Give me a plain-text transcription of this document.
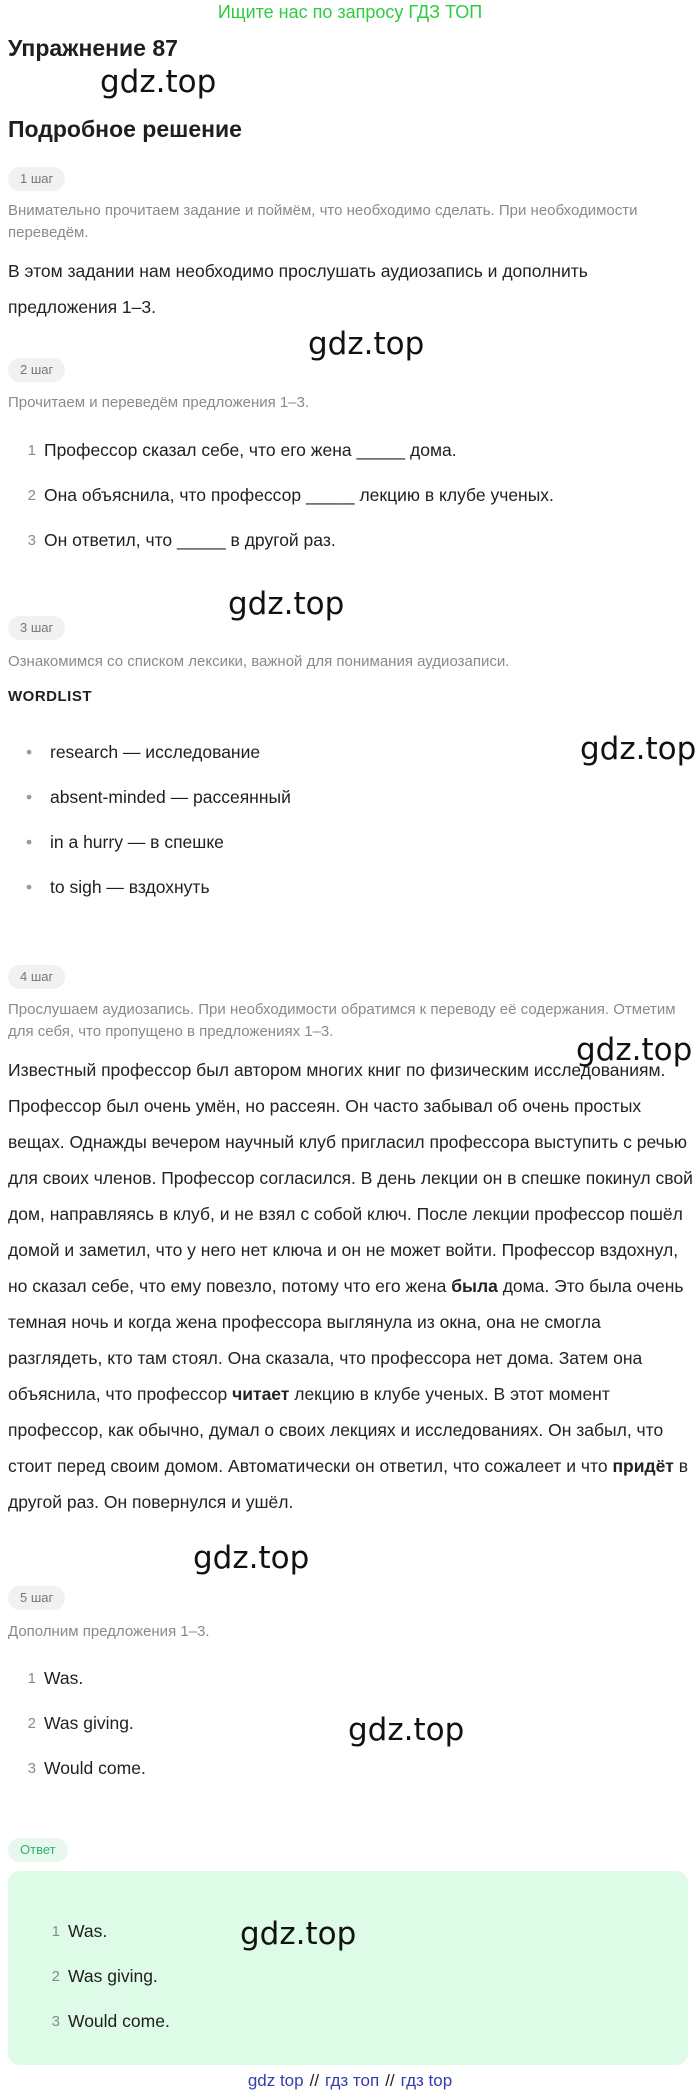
Ищите нас по запросу ГДЗ ТОП
Упражнение 87
gdz.top
Подробное решение
1 шаг
Внимательно прочитаем задание и поймём, что необходимо сделать. При необходимости переведём.
В этом задании нам необходимо прослушать аудиозапись и дополнить предложения 1–3.
gdz.top
2 шаг
Прочитаем и переведём предложения 1–3.
1 Профессор сказал себе, что его жена _____ дома.
2 Она объяснила, что профессор _____ лекцию в клубе ученых.
3 Он ответил, что _____ в другой раз.
gdz.top
3 шаг
Ознакомимся со списком лексики, важной для понимания аудиозаписи.
WORDLIST
•	research — исследование
•	absent-minded — рассеянный
•	in a hurry — в спешке
•	to sigh — вздохнуть
gdz.top
4 шаг
Прослушаем аудиозапись. При необходимости обратимся к переводу её содержания. Отметим для себя, что пропущено в предложениях 1–3.
gdz.top
Известный профессор был автором многих книг по физическим исследованиям. Профессор был очень умён, но рассеян. Он часто забывал об очень простых вещах. Однажды вечером научный клуб пригласил профессора выступить с речью для своих членов. Профессор согласился. В день лекции он в спешке покинул свой дом, направляясь в клуб, и не взял с собой ключ. После лекции профессор пошёл домой и заметил, что у него нет ключа и он не может войти. Профессор вздохнул, но сказал себе, что ему повезло, потому что его жена была дома. Это была очень темная ночь и когда жена профессора выглянула из окна, она не смогла разглядеть, кто там стоял. Она сказала, что профессора нет дома. Затем она объяснила, что профессор читает лекцию в клубе ученых. В этот момент профессор, как обычно, думал о своих лекциях и исследованиях. Он забыл, что стоит перед своим домом. Автоматически он ответил, что сожалеет и что придёт в другой раз. Он повернулся и ушёл.
gdz.top
5 шаг
Дополним предложения 1–3.
1 Was.
2 Was giving.
3 Would come.
gdz.top
Ответ
1 Was.
2 Was giving.
3 Would come.
gdz.top
gdz top // гдз топ // гдз top
